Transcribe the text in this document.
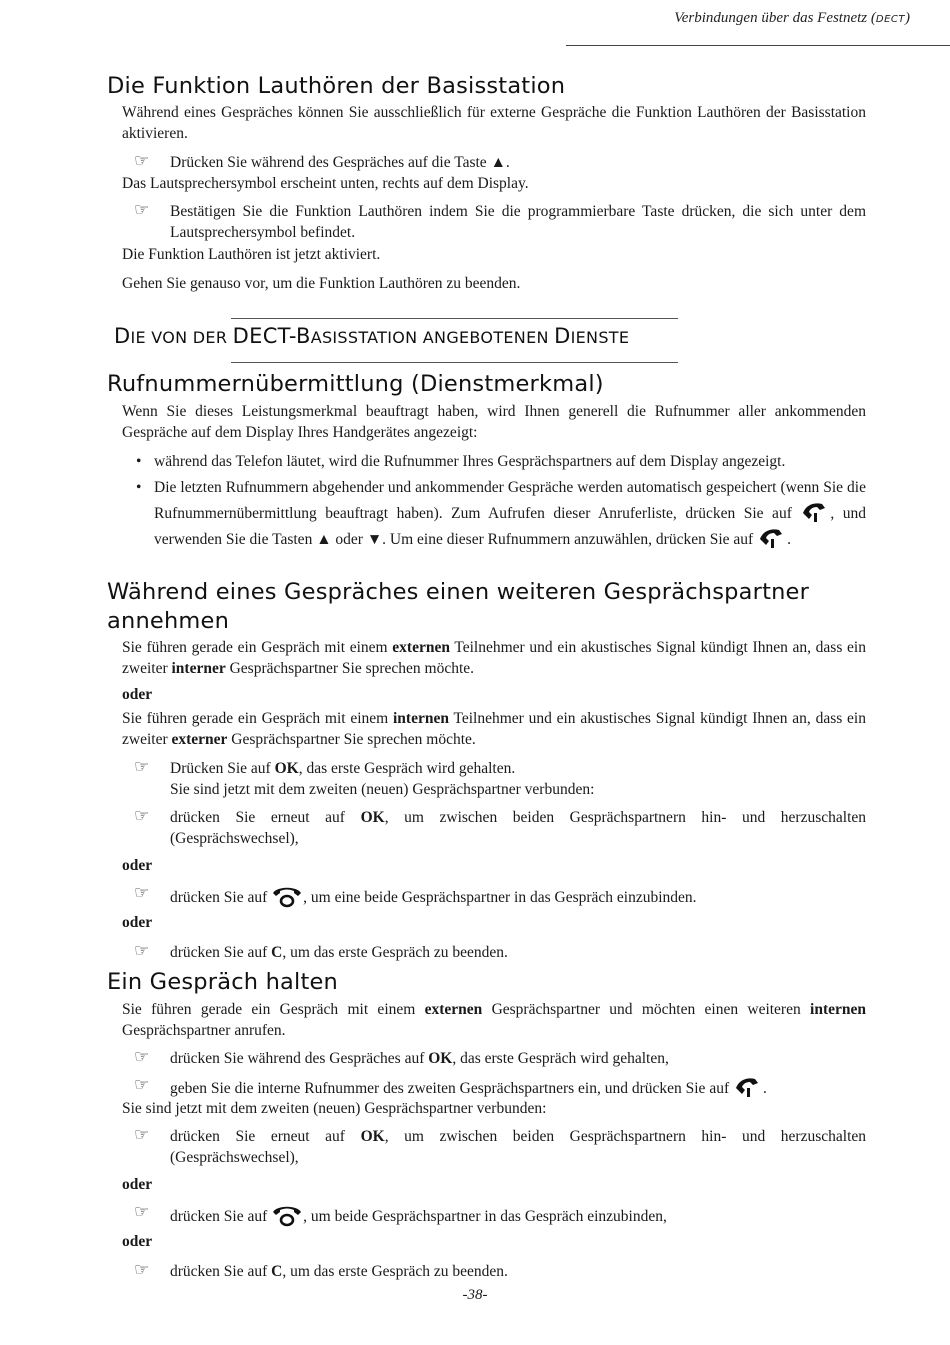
Verbindungen über das Festnetz (DECT)
Die Funktion Lauthören der Basisstation

Während eines Gespräches können Sie ausschließlich für externe Gespräche die Funktion Lauthören der Basisstation aktivieren.

☞	Drücken Sie während des Gespräches auf die Taste ▲.

Das Lautsprechersymbol erscheint unten, rechts auf dem Display.

☞	Bestätigen Sie die Funktion Lauthören indem Sie die programmierbare Taste drücken, die sich unter dem Lautsprechersymbol befindet.

Die Funktion Lauthören ist jetzt aktiviert.

Gehen Sie genauso vor, um die Funktion Lauthören zu beenden.

DIE VON DER DECT-BASISSTATION ANGEBOTENEN DIENSTE
Rufnummernübermittlung (Dienstmerkmal)

Wenn Sie dieses Leistungsmerkmal beauftragt haben, wird Ihnen generell die Rufnummer aller ankommenden Gespräche auf dem Display Ihres Handgerätes angezeigt:

• während das Telefon läutet, wird die Rufnummer Ihres Gesprächspartners auf dem Display angezeigt.
• Die letzten Rufnummern abgehender und ankommender Gespräche werden automatisch gespeichert (wenn Sie die Rufnummernübermittlung beauftragt haben). Zum Aufrufen dieser Anruferliste, drücken Sie auf , und verwenden Sie die Tasten ▲ oder ▼. Um eine dieser Rufnummern anzuwählen, drücken Sie auf .
Während eines Gespräches einen weiteren Gesprächspartner
annehmen

Sie führen gerade ein Gespräch mit einem externen Teilnehmer und ein akustisches Signal kündigt Ihnen an, dass ein zweiter interner Gesprächspartner Sie sprechen möchte.

oder

Sie führen gerade ein Gespräch mit einem internen Teilnehmer und ein akustisches Signal kündigt Ihnen an, dass ein zweiter externer Gesprächspartner Sie sprechen möchte.

☞	Drücken Sie auf OK, das erste Gespräch wird gehalten.
Sie sind jetzt mit dem zweiten (neuen) Gesprächspartner verbunden:
☞	drücken Sie erneut auf OK, um zwischen beiden Gesprächspartnern hin- und herzuschalten (Gesprächswechsel),

oder

☞	drücken Sie auf , um eine beide Gesprächspartner in das Gespräch einzubinden.

oder

☞	drücken Sie auf C, um das erste Gespräch zu beenden.
Ein Gespräch halten

Sie führen gerade ein Gespräch mit einem externen Gesprächspartner und möchten einen weiteren internen Gesprächspartner anrufen.

☞	drücken Sie während des Gespräches auf OK, das erste Gespräch wird gehalten,
☞	geben Sie die interne Rufnummer des zweiten Gesprächspartners ein, und drücken Sie auf .

Sie sind jetzt mit dem zweiten (neuen) Gesprächspartner verbunden:

☞	drücken Sie erneut auf OK, um zwischen beiden Gesprächspartnern hin- und herzuschalten (Gesprächswechsel),

oder

☞	drücken Sie auf , um beide Gesprächspartner in das Gespräch einzubinden,

oder

☞	drücken Sie auf C, um das erste Gespräch zu beenden.
-38-
